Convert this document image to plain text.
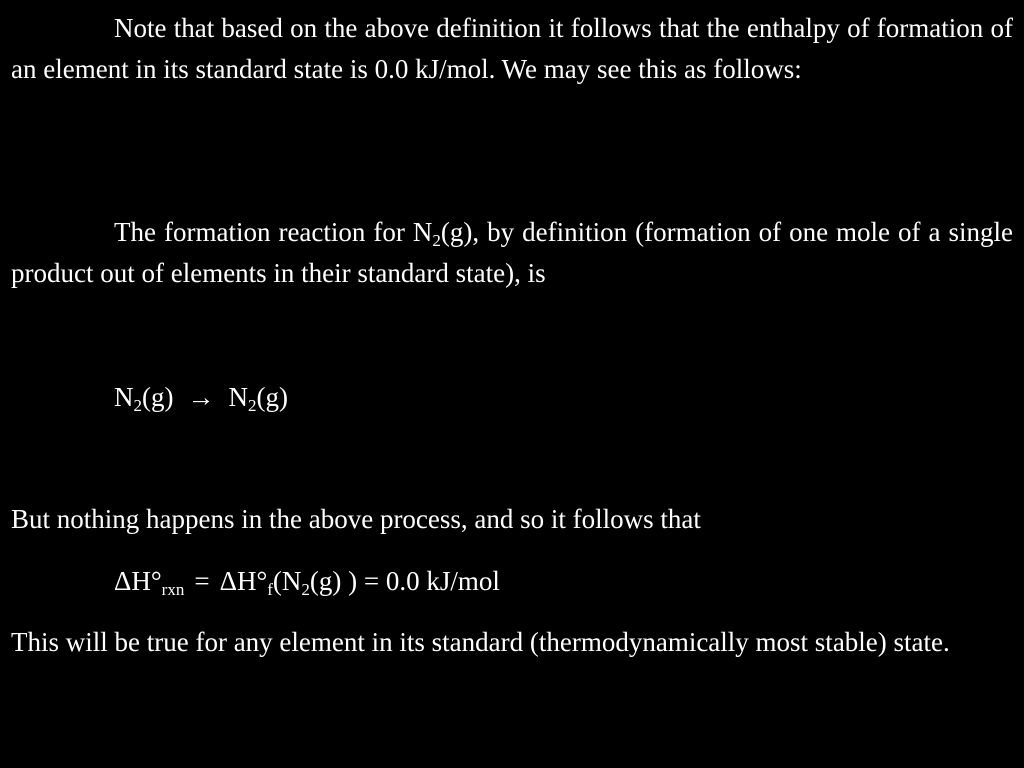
Note that based on the above definition it follows that the enthalpy of formation of an element in its standard state is 0.0 kJ/mol. We may see this as follows:

The formation reaction for $N_2(g)$, by definition (formation of one mole of a single product out of elements in their standard state), is

$N_2(g) \to N_2(g)$

But nothing happens in the above process, and so it follows that

$\Delta H^\circ_{rxn} = \Delta H^\circ_f(N_2(g)$ ) = 0.0 kJ/mol

This will be true for any element in its standard (thermodynamically most stable) state.
